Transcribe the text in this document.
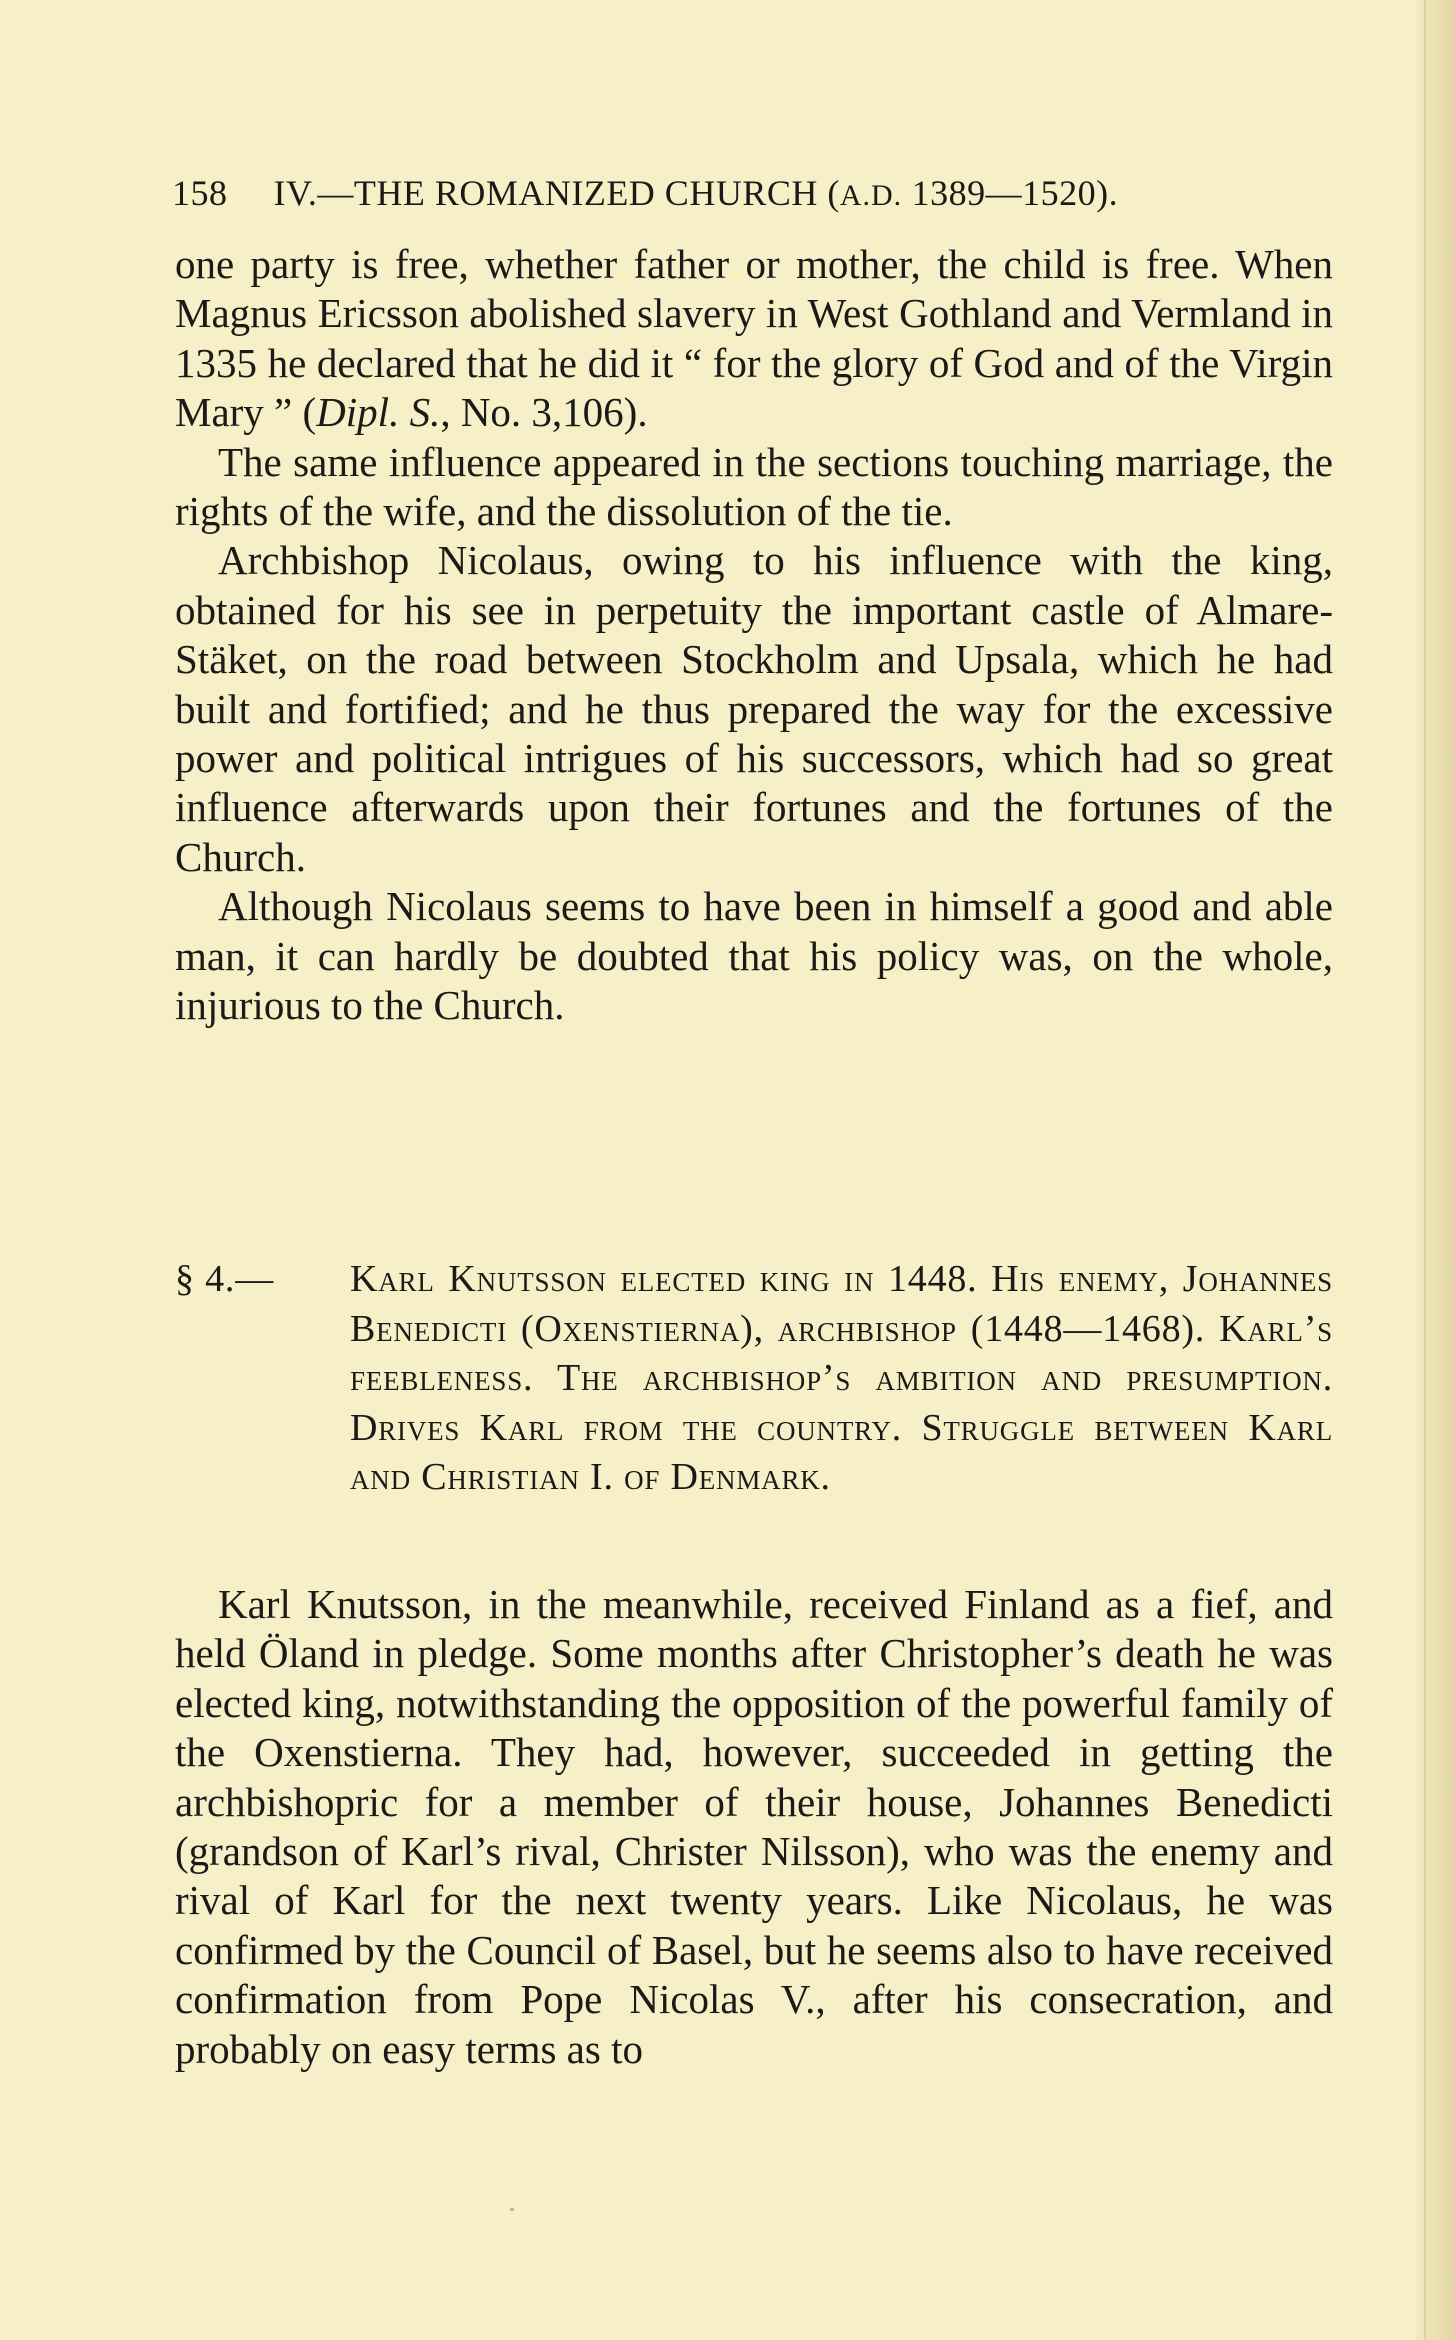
158 IV.—THE ROMANIZED CHURCH (A.D. 1389—1520).

one party is free, whether father or mother, the child is free. When Magnus Ericsson abolished slavery in West Gothland and Vermland in 1335 he declared that he did it “ for the glory of God and of the Virgin Mary ” (Dipl. S., No. 3,106).

The same influence appeared in the sections touching marriage, the rights of the wife, and the dissolution of the tie.

Archbishop Nicolaus, owing to his influence with the king, obtained for his see in perpetuity the important castle of Almare-Stäket, on the road between Stockholm and Upsala, which he had built and fortified; and he thus prepared the way for the excessive power and political intrigues of his successors, which had so great influence afterwards upon their fortunes and the fortunes of the Church.

Although Nicolaus seems to have been in himself a good and able man, it can hardly be doubted that his policy was, on the whole, injurious to the Church.

§ 4.— Karl Knutsson elected king in 1448. His enemy, Johannes Benedicti (Oxenstierna), archbishop (1448—1468). Karl’s feebleness. The archbishop’s ambition and presumption. Drives Karl from the country. Struggle between Karl and Christian I. of Denmark.

Karl Knutsson, in the meanwhile, received Finland as a fief, and held Öland in pledge. Some months after Christopher’s death he was elected king, notwithstanding the opposition of the powerful family of the Oxenstierna. They had, however, succeeded in getting the archbishopric for a member of their house, Johannes Benedicti (grandson of Karl’s rival, Christer Nilsson), who was the enemy and rival of Karl for the next twenty years. Like Nicolaus, he was confirmed by the Council of Basel, but he seems also to have received confirmation from Pope Nicolas V., after his consecration, and probably on easy terms as to
